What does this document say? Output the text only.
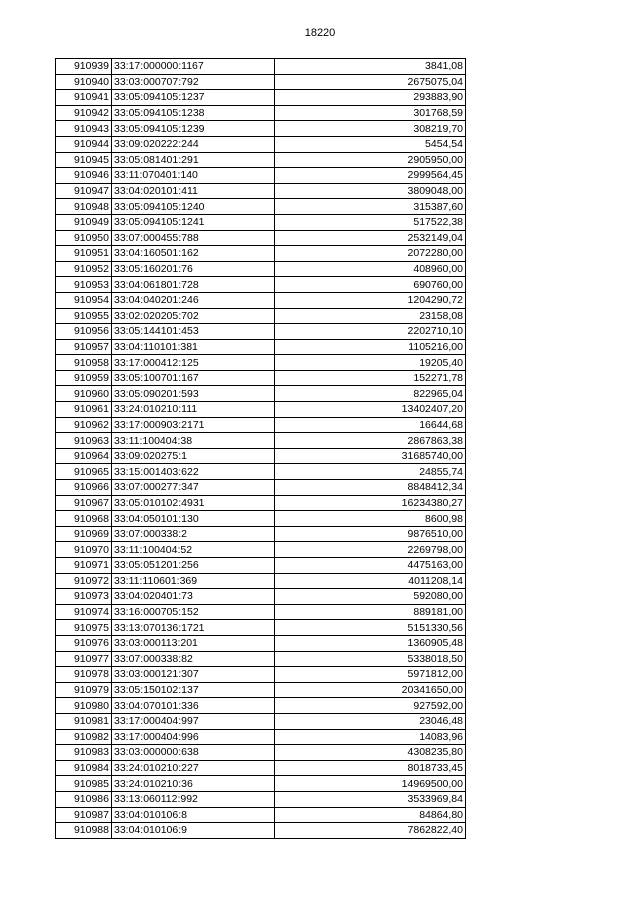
18220
910939	33:17:000000:1167	3841,08
910940	33:03:000707:792	2675075,04
910941	33:05:094105:1237	293883,90
910942	33:05:094105:1238	301768,59
910943	33:05:094105:1239	308219,70
910944	33:09:020222:244	5454,54
910945	33:05:081401:291	2905950,00
910946	33:11:070401:140	2999564,45
910947	33:04:020101:411	3809048,00
910948	33:05:094105:1240	315387,60
910949	33:05:094105:1241	517522,38
910950	33:07:000455:788	2532149,04
910951	33:04:160501:162	2072280,00
910952	33:05:160201:76	408960,00
910953	33:04:061801:728	690760,00
910954	33:04:040201:246	1204290,72
910955	33:02:020205:702	23158,08
910956	33:05:144101:453	2202710,10
910957	33:04:110101:381	1105216,00
910958	33:17:000412:125	19205,40
910959	33:05:100701:167	152271,78
910960	33:05:090201:593	822965,04
910961	33:24:010210:111	13402407,20
910962	33:17:000903:2171	16644,68
910963	33:11:100404:38	2867863,38
910964	33:09:020275:1	31685740,00
910965	33:15:001403:622	24855,74
910966	33:07:000277:347	8848412,34
910967	33:05:010102:4931	16234380,27
910968	33:04:050101:130	8600,98
910969	33:07:000338:2	9876510,00
910970	33:11:100404:52	2269798,00
910971	33:05:051201:256	4475163,00
910972	33:11:110601:369	4011208,14
910973	33:04:020401:73	592080,00
910974	33:16:000705:152	889181,00
910975	33:13:070136:1721	5151330,56
910976	33:03:000113:201	1360905,48
910977	33:07:000338:82	5338018,50
910978	33:03:000121:307	5971812,00
910979	33:05:150102:137	20341650,00
910980	33:04:070101:336	927592,00
910981	33:17:000404:997	23046,48
910982	33:17:000404:996	14083,96
910983	33:03:000000:638	4308235,80
910984	33:24:010210:227	8018733,45
910985	33:24:010210:36	14969500,00
910986	33:13:060112:992	3533969,84
910987	33:04:010106:8	84864,80
910988	33:04:010106:9	7862822,40
